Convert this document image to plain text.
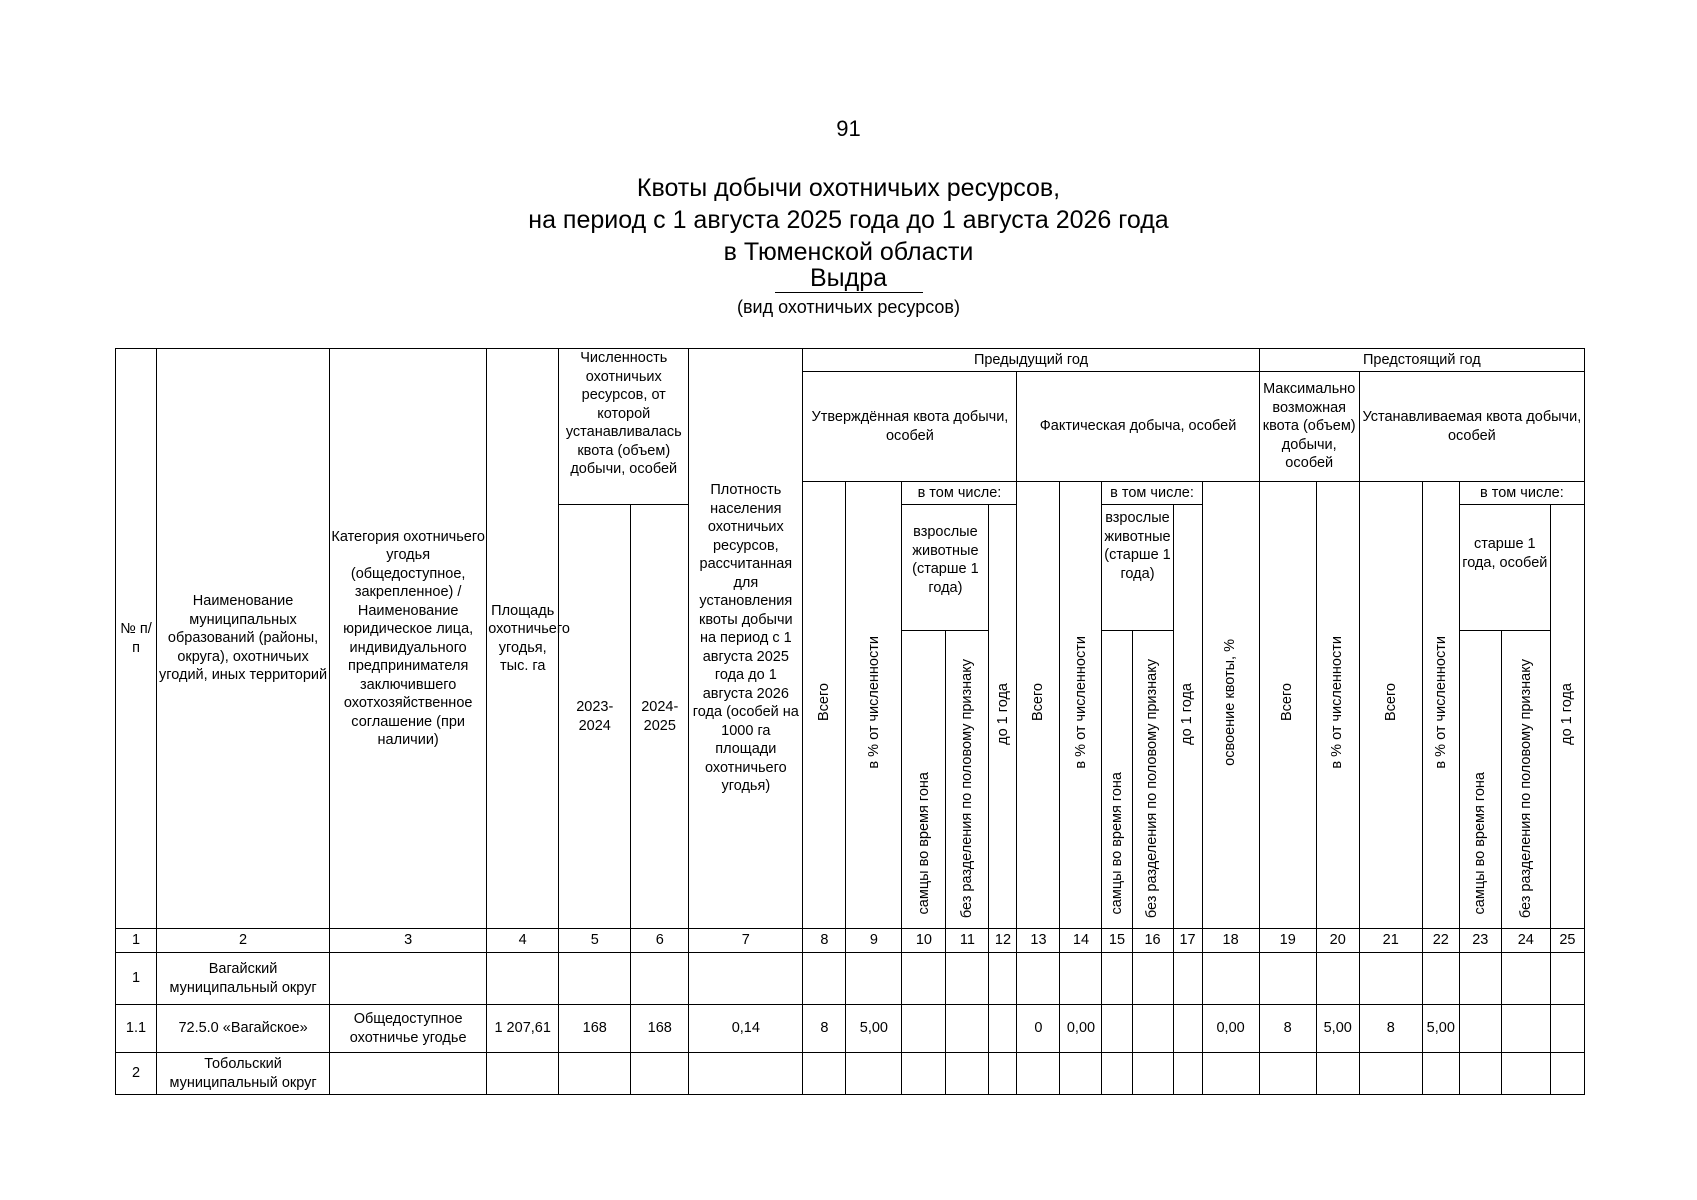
91
Квоты добычи охотничьих ресурсов,
на период с 1 августа 2025 года до 1 августа 2026 года
в Тюменской области
Выдра
(вид охотничьих ресурсов)
№ п/п	Наименование муниципальных образований (районы, округа), охотничьих угодий, иных территорий	Категория охотничьего угодья (общедоступное, закрепленное) / Наименование юридическое лица, индивидуального предпринимателя заключившего охотхозяйственное соглашение (при наличии)	Площадь охотничьего угодья, тыс. га	Численность охотничьих ресурсов, от которой устанавливалась квота (объем) добычи, особей		Плотность населения охотничьих ресурсов, рассчитанная для установления квоты добычи на период с 1 августа 2025 года до 1 августа 2026 года (особей на 1000 га площади охотничьего угодья)	Предыдущий год											Предстоящий год						
							Утверждённая квота добычи, особей					Фактическая добыча, особей						Максимально возможная квота (объем) добычи, особей		Устанавливаемая квота добычи, особей				
							Всего	в % от численности	в том числе:			Всего	в % от численности	в том числе:			освоение квоты, %	Всего	в % от численности	Всего	в % от численности	в том числе:		
				2023-2024	2024-2025				взрослые животные (старше 1 года)		до 1 года			взрослые животные (старше 1 года)		до 1 года						старше 1 года, особей		до 1 года
									самцы во время гона	без разделения по половому признаку				самцы во время гона	без разделения по половому признаку							самцы во время гона	без разделения по половому признаку	

1	2	3	4	5	6	7	8	9	10	11	12	13	14	15	16	17	18	19	20	21	22	23	24	25
1	Вагайский муниципальный округ																							
1.1	72.5.0 «Вагайское»	Общедоступное охотничье угодье	1 207,61	168	168	0,14	8	5,00				0	0,00				0,00	8	5,00	8	5,00			
2	Тобольский муниципальный округ																							
